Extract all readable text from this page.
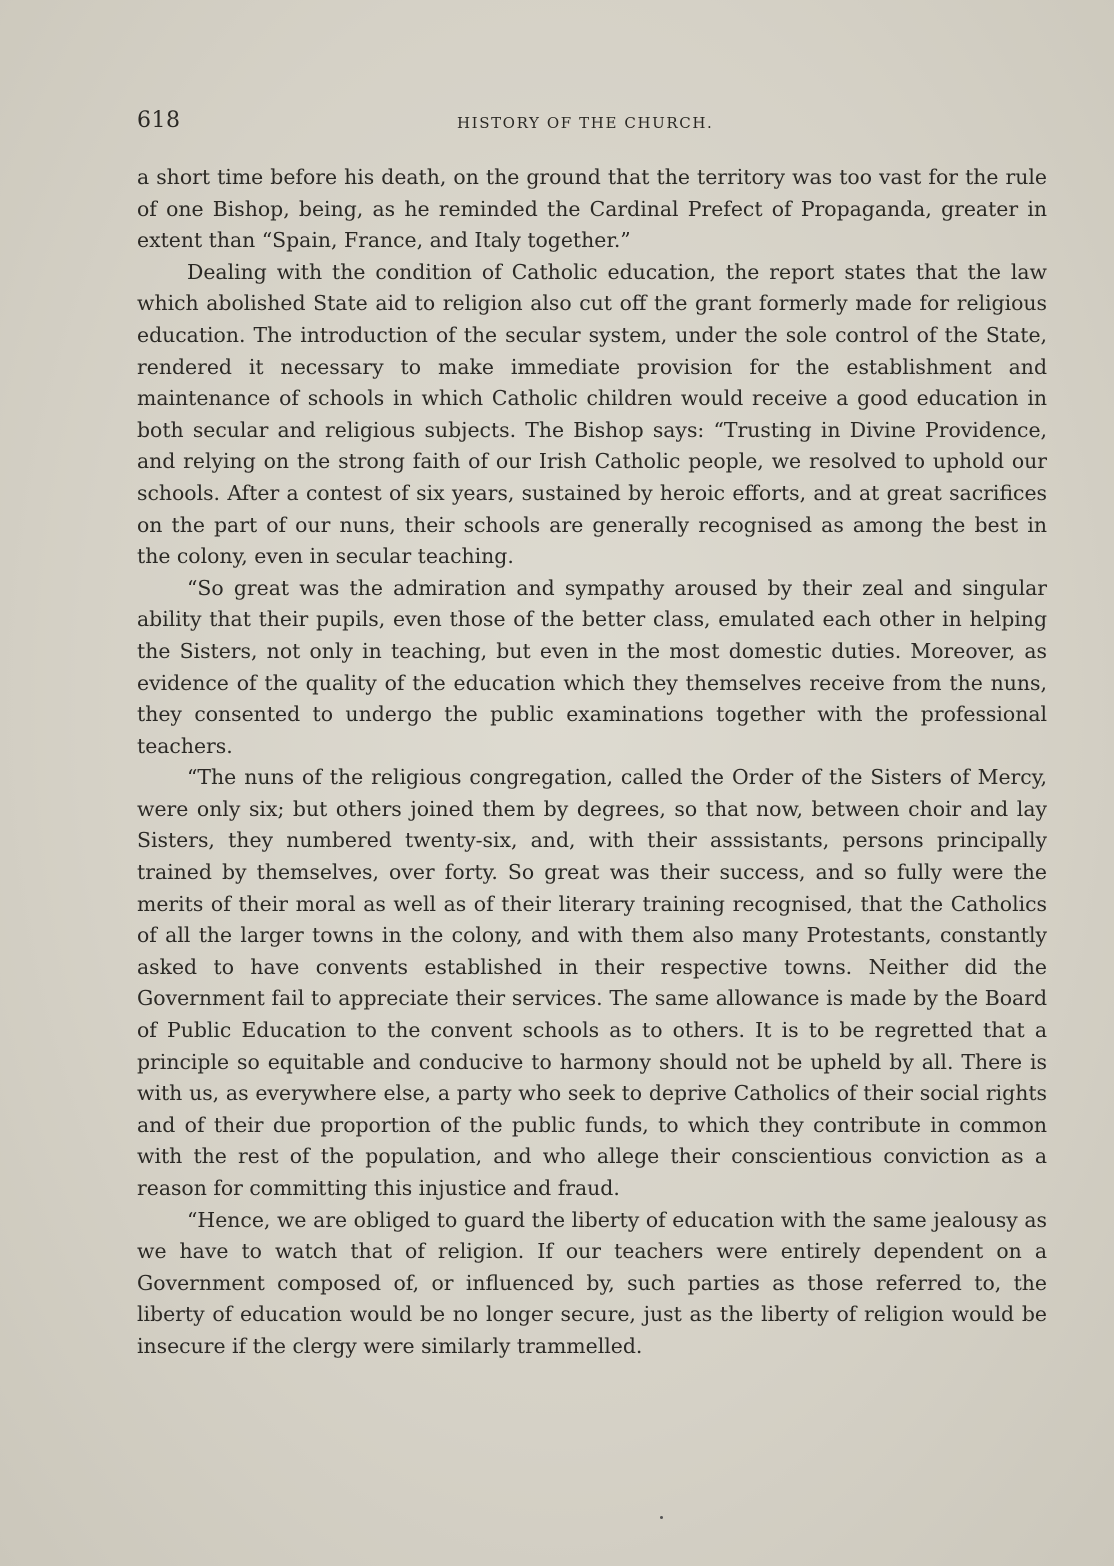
618	HISTORY OF THE CHURCH.

a short time before his death, on the ground that the territory was too vast for the rule of one Bishop, being, as he reminded the Cardinal Prefect of Propaganda, greater in extent than “Spain, France, and Italy together.”

Dealing with the condition of Catholic education, the report states that the law which abolished State aid to religion also cut off the grant formerly made for religious education. The introduction of the secular system, under the sole control of the State, rendered it necessary to make immediate provision for the establishment and maintenance of schools in which Catholic children would receive a good education in both secular and religious subjects. The Bishop says: “Trusting in Divine Providence, and relying on the strong faith of our Irish Catholic people, we resolved to uphold our schools. After a contest of six years, sustained by heroic efforts, and at great sacrifices on the part of our nuns, their schools are generally recognised as among the best in the colony, even in secular teaching.

“So great was the admiration and sympathy aroused by their zeal and singular ability that their pupils, even those of the better class, emulated each other in helping the Sisters, not only in teaching, but even in the most domestic duties. Moreover, as evidence of the quality of the education which they themselves receive from the nuns, they consented to undergo the public examinations together with the professional teachers.

“The nuns of the religious congregation, called the Order of the Sisters of Mercy, were only six; but others joined them by degrees, so that now, between choir and lay Sisters, they numbered twenty-six, and, with their asssistants, persons principally trained by themselves, over forty. So great was their success, and so fully were the merits of their moral as well as of their literary training recognised, that the Catholics of all the larger towns in the colony, and with them also many Protestants, constantly asked to have convents established in their respective towns. Neither did the Government fail to appreciate their services. The same allowance is made by the Board of Public Education to the convent schools as to others. It is to be regretted that a principle so equitable and conducive to harmony should not be upheld by all. There is with us, as everywhere else, a party who seek to deprive Catholics of their social rights and of their due proportion of the public funds, to which they contribute in common with the rest of the population, and who allege their conscientious conviction as a reason for committing this injustice and fraud.

“Hence, we are obliged to guard the liberty of education with the same jealousy as we have to watch that of religion. If our teachers were entirely dependent on a Government composed of, or influenced by, such parties as those referred to, the liberty of education would be no longer secure, just as the liberty of religion would be insecure if the clergy were similarly trammelled.
